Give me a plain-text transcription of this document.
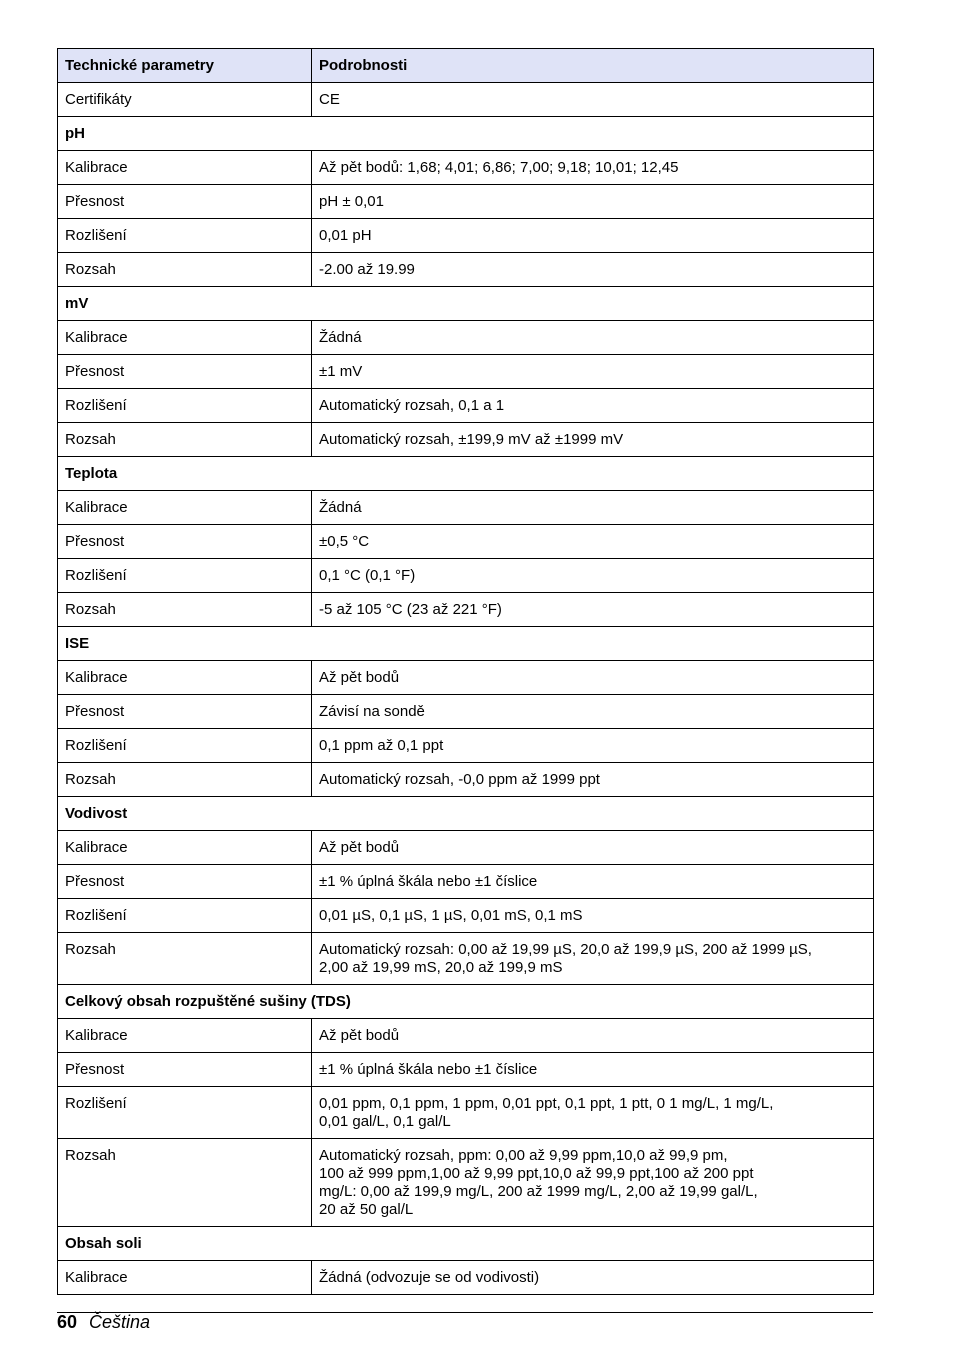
Technické parametry	Podrobnosti
Certifikáty	CE
pH	
Kalibrace	Až pět bodů: 1,68; 4,01; 6,86; 7,00; 9,18; 10,01; 12,45
Přesnost	pH ± 0,01
Rozlišení	0,01 pH
Rozsah	-2.00 až 19.99
mV	
Kalibrace	Žádná
Přesnost	±1 mV
Rozlišení	Automatický rozsah, 0,1 a 1
Rozsah	Automatický rozsah, ±199,9 mV až ±1999 mV
Teplota	
Kalibrace	Žádná
Přesnost	±0,5 °C
Rozlišení	0,1 °C (0,1 °F)
Rozsah	-5 až 105 °C (23 až 221 °F)
ISE	
Kalibrace	Až pět bodů
Přesnost	Závisí na sondě
Rozlišení	0,1 ppm až 0,1 ppt
Rozsah	Automatický rozsah, -0,0 ppm až 1999 ppt
Vodivost	
Kalibrace	Až pět bodů
Přesnost	±1 % úplná škála nebo ±1 číslice
Rozlišení	0,01 µS, 0,1 µS, 1 µS, 0,01 mS, 0,1 mS
Rozsah	Automatický rozsah: 0,00 až 19,99 µS, 20,0 až 199,9 µS, 200 až 1999 µS,
2,00 až 19,99 mS, 20,0 až 199,9 mS
Celkový obsah rozpuštěné sušiny (TDS)	
Kalibrace	Až pět bodů
Přesnost	±1 % úplná škála nebo ±1 číslice
Rozlišení	0,01 ppm, 0,1 ppm, 1 ppm, 0,01 ppt, 0,1 ppt, 1 ptt, 0 1 mg/L, 1 mg/L,
0,01 gal/L, 0,1 gal/L
Rozsah	Automatický rozsah, ppm: 0,00 až 9,99 ppm,10,0 až 99,9 pm,
100 až 999 ppm,1,00 až 9,99 ppt,10,0 až 99,9 ppt,100 až 200 ppt
mg/L: 0,00 až 199,9 mg/L, 200 až 1999 mg/L, 2,00 až 19,99 gal/L,
20 až 50 gal/L
Obsah soli	
Kalibrace	Žádná (odvozuje se od vodivosti)
60 Čeština
